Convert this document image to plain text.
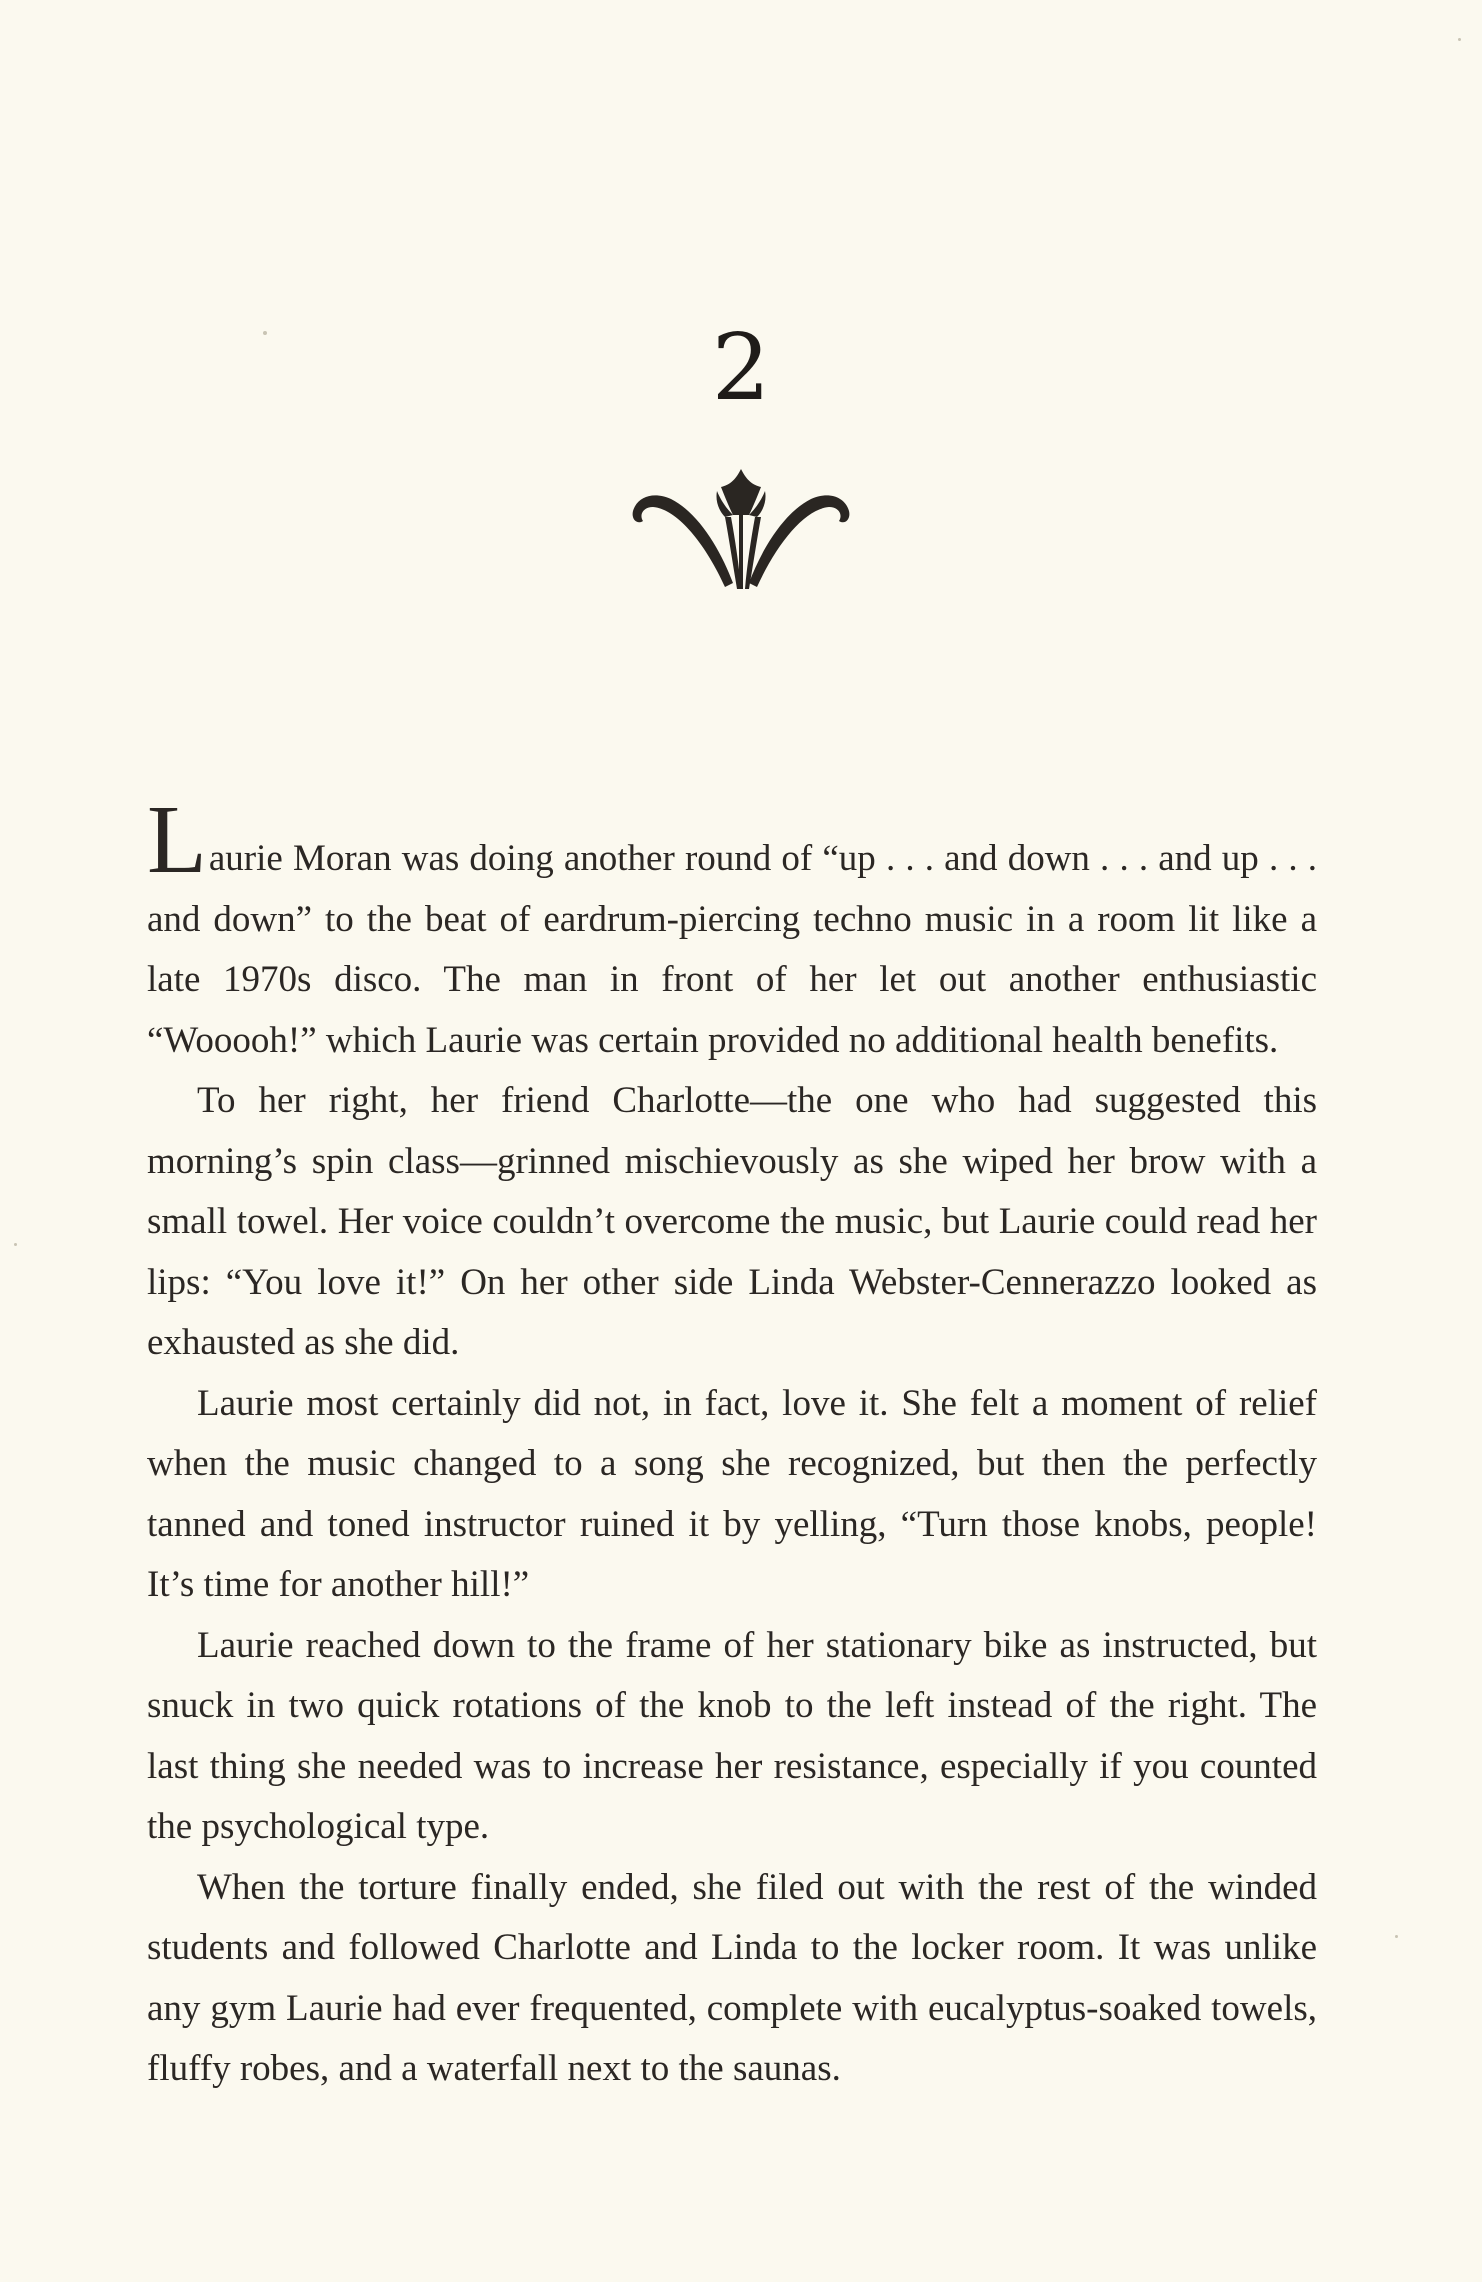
2

Laurie Moran was doing another round of “up . . . and down . . . and up . . . and down” to the beat of eardrum-piercing techno music in a room lit like a late 1970s disco. The man in front of her let out another enthusiastic “Wooooh!” which Laurie was certain provided no additional health benefits.

To her right, her friend Charlotte—the one who had suggested this morning’s spin class—grinned mischievously as she wiped her brow with a small towel. Her voice couldn’t overcome the music, but Laurie could read her lips: “You love it!” On her other side Linda Webster-Cennerazzo looked as exhausted as she did.

Laurie most certainly did not, in fact, love it. She felt a moment of relief when the music changed to a song she recognized, but then the perfectly tanned and toned instructor ruined it by yelling, “Turn those knobs, people! It’s time for another hill!”

Laurie reached down to the frame of her stationary bike as instructed, but snuck in two quick rotations of the knob to the left instead of the right. The last thing she needed was to increase her resistance, especially if you counted the psychological type.

When the torture finally ended, she filed out with the rest of the winded students and followed Charlotte and Linda to the locker room. It was unlike any gym Laurie had ever frequented, complete with eucalyptus-soaked towels, fluffy robes, and a waterfall next to the saunas.
